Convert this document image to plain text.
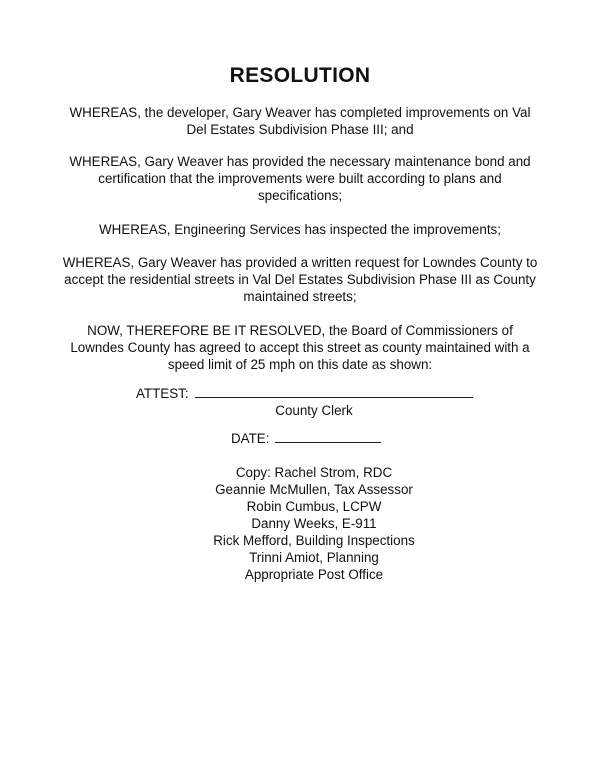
RESOLUTION
WHEREAS, the developer, Gary Weaver has completed improvements on Val Del Estates Subdivision Phase III; and
WHEREAS, Gary Weaver has provided the necessary maintenance bond and certification that the improvements were built according to plans and specifications;
WHEREAS, Engineering Services has inspected the improvements;
WHEREAS, Gary Weaver has provided a written request for Lowndes County to accept the residential streets in Val Del Estates Subdivision Phase III as County maintained streets;
NOW, THEREFORE BE IT RESOLVED, the Board of Commissioners of Lowndes County has agreed to accept this street as county maintained with a speed limit of 25 mph on this date as shown:
ATTEST:
County Clerk
DATE:
Copy: Rachel Strom, RDC
Geannie McMullen, Tax Assessor
Robin Cumbus, LCPW
Danny Weeks, E-911
Rick Mefford, Building Inspections
Trinni Amiot, Planning
Appropriate Post Office
